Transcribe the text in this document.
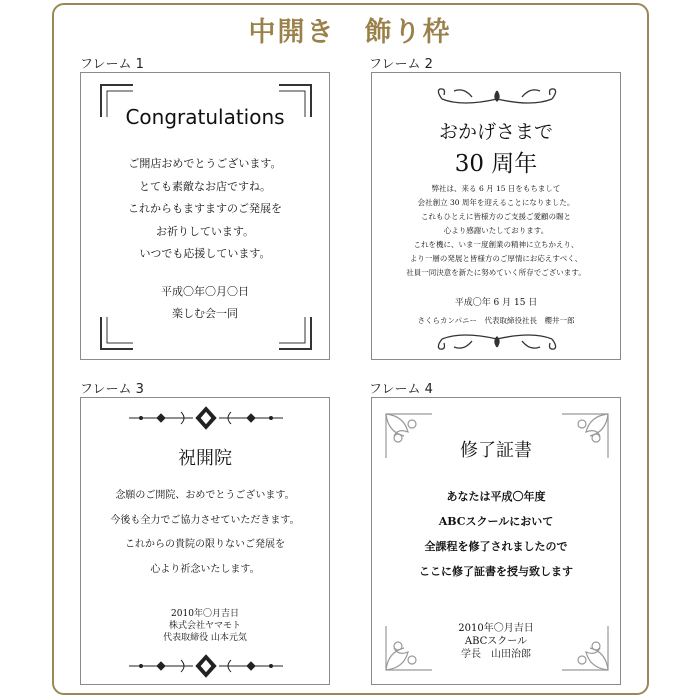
中開き　飾り枠
フレーム 1
Congratulations
ご開店おめでとうございます。
とても素敵なお店ですね。
これからもますますのご発展を
お祈りしています。
いつでも応援しています。
平成〇年〇月〇日
楽しむ会一同
フレーム 2
おかげさまで
30 周年
弊社は、来る 6 月 15 日をもちまして
会社創立 30 周年を迎えることになりました。
これもひとえに皆様方のご支援ご愛顧の賜と
心より感謝いたしております。
これを機に、いま一度創業の精神に立ちかえり、
より一層の発展と皆様方のご厚情にお応えすべく、
社員一同決意を新たに努めていく所存でございます。
平成〇年 6 月 15 日
さくらカンパニー　代表取締役社長　櫻井一郎
フレーム 3
祝開院
念願のご開院、おめでとうございます。
今後も全力でご協力させていただきます。
これからの貴院の限りないご発展を
心より祈念いたします。
2010年〇月吉日
株式会社ヤマモト
代表取締役 山本元気
フレーム 4
修了証書
あなたは平成〇年度
ABCスクールにおいて
全課程を修了されましたので
ここに修了証書を授与致します
2010年〇月吉日
ABCスクール
学長　山田治郎
